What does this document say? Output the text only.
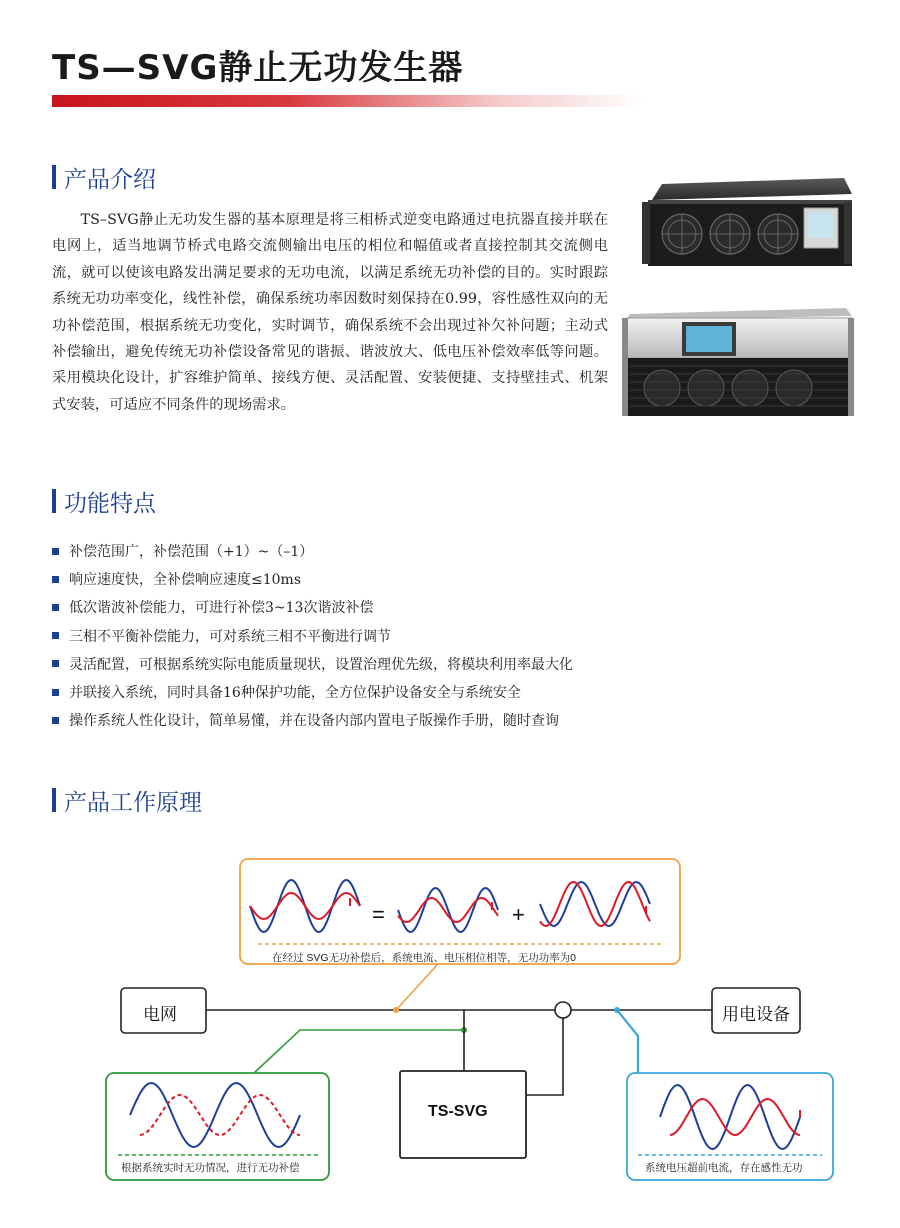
TS—SVG静止无功发生器
产品介绍

TS–SVG静止无功发生器的基本原理是将三相桥式逆变电路通过电抗器直接并联在电网上，适当地调节桥式电路交流侧输出电压的相位和幅值或者直接控制其交流侧电流，就可以使该电路发出满足要求的无功电流，以满足系统无功补偿的目的。实时跟踪系统无功功率变化，线性补偿，确保系统功率因数时刻保持在0.99，容性感性双向的无功补偿范围，根据系统无功变化，实时调节，确保系统不会出现过补欠补问题；主动式补偿输出，避免传统无功补偿设备常见的谐振、谐波放大、低电压补偿效率低等问题。采用模块化设计，扩容维护简单、接线方便、灵活配置、安装便捷、支持壁挂式、机架式安装，可适应不同条件的现场需求。

功能特点
补偿范围广，补偿范围（+1）~（–1）
响应速度快，全补偿响应速度≤10ms
低次谐波补偿能力，可进行补偿3~13次谐波补偿
三相不平衡补偿能力，可对系统三相不平衡进行调节
灵活配置，可根据系统实际电能质量现状，设置治理优先级，将模块利用率最大化
并联接入系统，同时具备16种保护功能，全方位保护设备安全与系统安全
操作系统人性化设计，简单易懂，并在设备内部内置电子版操作手册，随时查询
产品工作原理
=	+
电网	用电设备
TS-SVG
在经过 SVG无功补偿后，系统电流、电压相位相等，无功功率为0
根据系统实时无功情况，进行无功补偿	系统电压超前电流，存在感性无功
